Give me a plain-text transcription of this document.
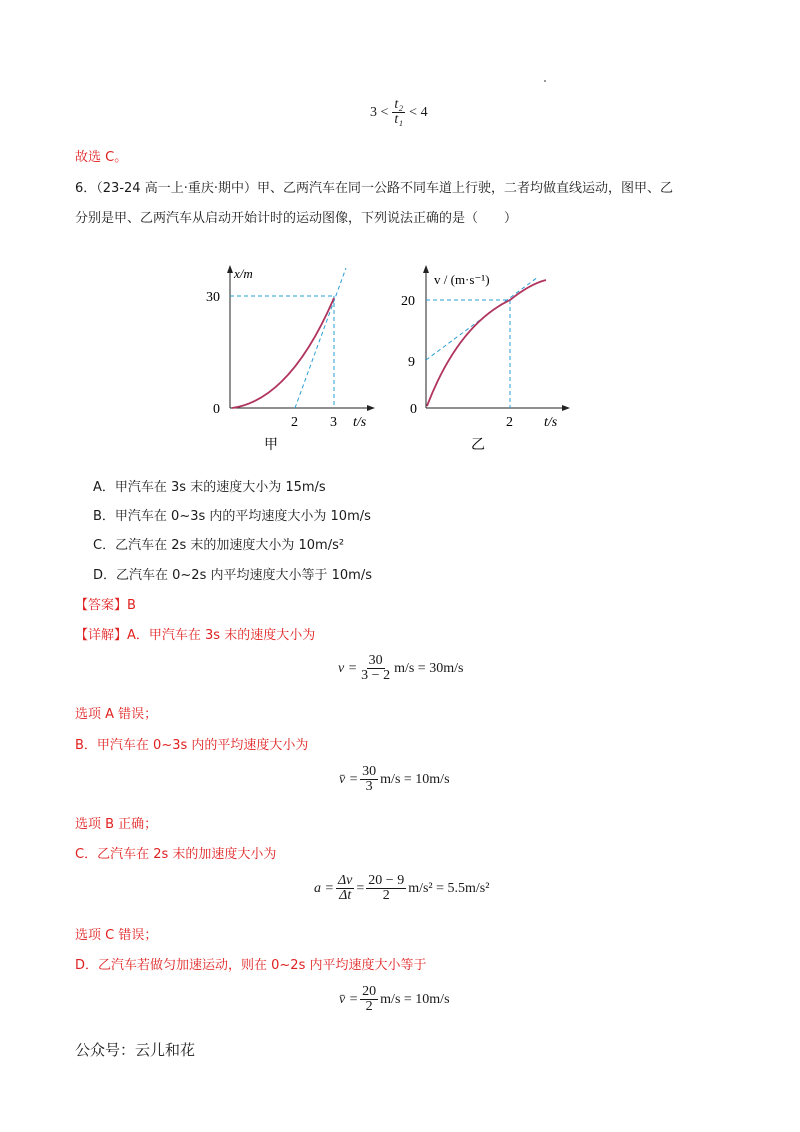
$3 < \frac{\text{t₂}}{\text{t₁}} < 4$
故选 C。
6．（23-24 高一上·重庆·期中）甲、乙两汽车在同一公路不同车道上行驶，二者均做直线运动，图甲、乙
分别是甲、乙两汽车从启动开始计时的运动图像，下列说法正确的是（　　）
x/m
30
0
2 3 t/s
甲
v / (m·s⁻¹)
20
9
0
2 t/s
乙
A．甲汽车在 3s 末的速度大小为 15m/s
B．甲汽车在 0~3s 内的平均速度大小为 10m/s
C．乙汽车在 2s 末的加速度大小为 10m/s²
D．乙汽车在 0~2s 内平均速度大小等于 10m/s
【答案】B
【详解】A．甲汽车在 3s 末的速度大小为
$v = \frac{30}{3 - 2} m/s = 30m/s$
选项 A 错误；
B．甲汽车在 0~3s 内的平均速度大小为
v̄ = $\frac{30}{3} m/s = 10m/s$
选项 B 正确；
C．乙汽车在 2s 末的加速度大小为
$a = \frac{\Delta v}{\Delta t} = \frac{20 - 9}{2} m/s^2 = 5.5m/s^2$
选项 C 错误；
D．乙汽车若做匀加速运动，则在 0~2s 内平均速度大小等于
v̄ = $\frac{20}{2} m/s = 10m/s$
公众号：云儿和花
